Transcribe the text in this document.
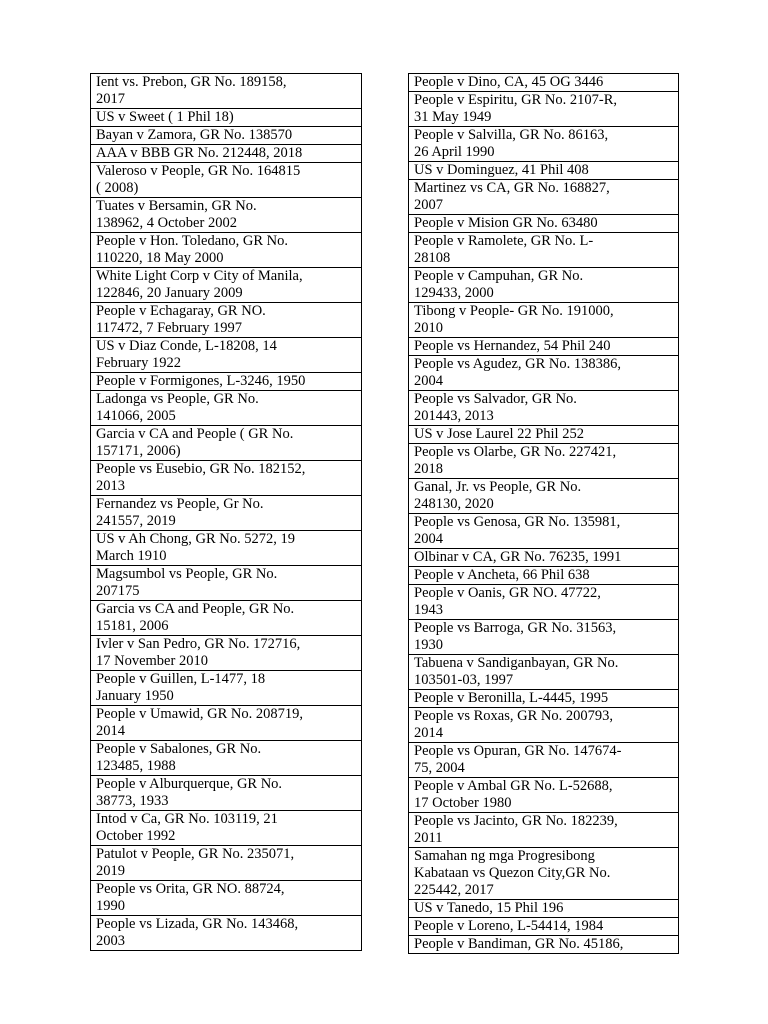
Ient vs. Prebon, GR No. 189158,
2017
US v Sweet ( 1 Phil 18)
Bayan v Zamora, GR No. 138570
AAA v BBB GR No. 212448, 2018
Valeroso v People, GR No. 164815
( 2008)
Tuates v Bersamin, GR No.
138962, 4 October 2002
People v Hon. Toledano, GR No.
110220, 18 May 2000
White Light Corp v City of Manila,
122846, 20 January 2009
People v Echagaray, GR NO.
117472, 7 February 1997
US v Diaz Conde, L-18208, 14
February 1922
People v Formigones, L-3246, 1950
Ladonga vs People, GR No.
141066, 2005
Garcia v CA and People ( GR No.
157171, 2006)
People vs Eusebio, GR No. 182152,
2013
Fernandez vs People, Gr No.
241557, 2019
US v Ah Chong, GR No. 5272, 19
March 1910
Magsumbol vs People, GR No.
207175
Garcia vs CA and People, GR No.
15181, 2006
Ivler v San Pedro, GR No. 172716,
17 November 2010
People v Guillen, L-1477, 18
January 1950
People v Umawid, GR No. 208719,
2014
People v Sabalones, GR No.
123485, 1988
People v Alburquerque, GR No.
38773, 1933
Intod v Ca, GR No. 103119, 21
October 1992
Patulot v People, GR No. 235071,
2019
People vs Orita, GR NO. 88724,
1990
People vs Lizada, GR No. 143468,
2003
People v Dino, CA, 45 OG 3446
People v Espiritu, GR No. 2107-R,
31 May 1949
People v Salvilla, GR No. 86163,
26 April 1990
US v Dominguez, 41 Phil 408
Martinez vs CA, GR No. 168827,
2007
People v Mision GR No. 63480
People v Ramolete, GR No. L-
28108
People v Campuhan, GR No.
129433, 2000
Tibong v People- GR No. 191000,
2010
People vs Hernandez, 54 Phil 240
People vs Agudez, GR No. 138386,
2004
People vs Salvador, GR No.
201443, 2013
US v Jose Laurel 22 Phil 252
People vs Olarbe, GR No. 227421,
2018
Ganal, Jr. vs People, GR No.
248130, 2020
People vs Genosa, GR No. 135981,
2004
Olbinar v CA, GR No. 76235, 1991
People v Ancheta, 66 Phil 638
People v Oanis, GR NO. 47722,
1943
People vs Barroga, GR No. 31563,
1930
Tabuena v Sandiganbayan, GR No.
103501-03, 1997
People v Beronilla, L-4445, 1995
People vs Roxas, GR No. 200793,
2014
People vs Opuran, GR No. 147674-
75, 2004
People v Ambal GR No. L-52688,
17 October 1980
People vs Jacinto, GR No. 182239,
2011
Samahan ng mga Progresibong
Kabataan vs Quezon City,GR No.
225442, 2017
US v Tanedo, 15 Phil 196
People v Loreno, L-54414, 1984
People v Bandiman, GR No. 45186,
